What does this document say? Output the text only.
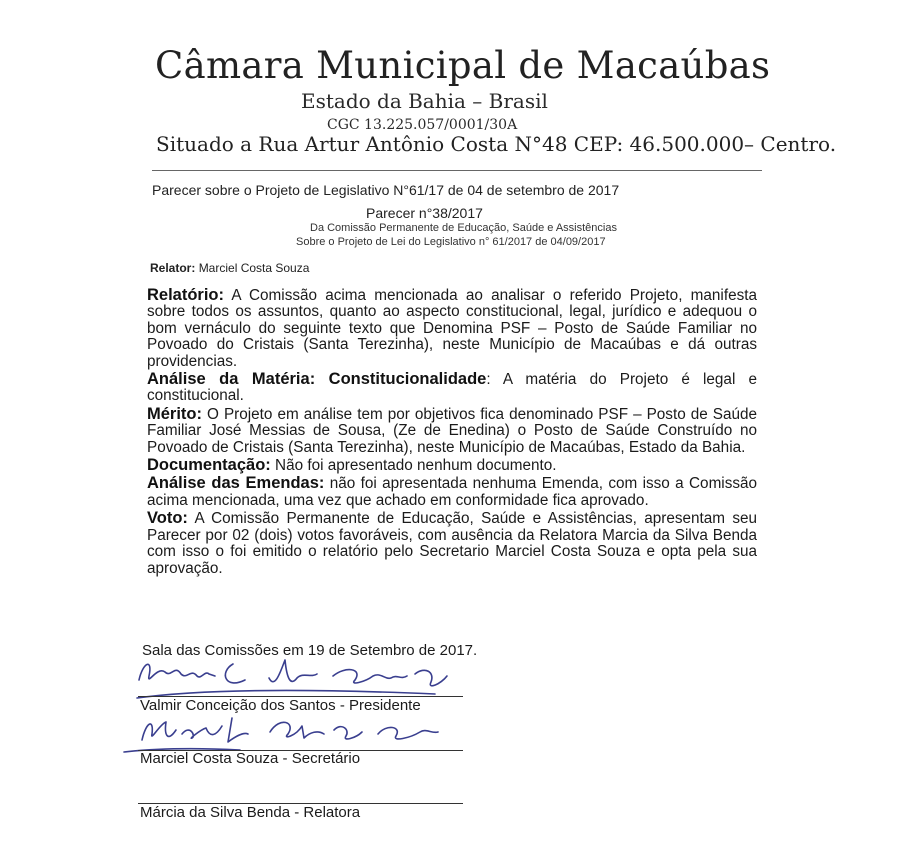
Câmara Municipal de Macaúbas
Estado da Bahia – Brasil
CGC 13.225.057/0001/30A
Situado a Rua Artur Antônio Costa N°48 CEP: 46.500.000– Centro.
Parecer sobre o Projeto de Legislativo N°61/17 de 04 de setembro de 2017
Parecer n°38/2017
Da Comissão Permanente de Educação, Saúde e Assistências
Sobre o Projeto de Lei do Legislativo n° 61/2017 de 04/09/2017
Relator: Marciel Costa Souza

Relatório: A Comissão acima mencionada ao analisar o referido Projeto, manifesta sobre todos os assuntos, quanto ao aspecto constitucional, legal, jurídico e adequou o bom vernáculo do seguinte texto que Denomina PSF – Posto de Saúde Familiar no Povoado do Cristais (Santa Terezinha), neste Município de Macaúbas e dá outras providencias.

Análise da Matéria: Constitucionalidade: A matéria do Projeto é legal e constitucional.

Mérito: O Projeto em análise tem por objetivos fica denominado PSF – Posto de Saúde Familiar José Messias de Sousa, (Ze de Enedina) o Posto de Saúde Construído no Povoado de Cristais (Santa Terezinha), neste Município de Macaúbas, Estado da Bahia.

Documentação: Não foi apresentado nenhum documento.

Análise das Emendas: não foi apresentada nenhuma Emenda, com isso a Comissão acima mencionada, uma vez que achado em conformidade fica aprovado.

Voto: A Comissão Permanente de Educação, Saúde e Assistências, apresentam seu Parecer por 02 (dois) votos favoráveis, com ausência da Relatora Marcia da Silva Benda com isso o foi emitido o relatório pelo Secretario Marciel Costa Souza e opta pela sua aprovação.

Sala das Comissões em 19 de Setembro de 2017.
Valmir Conceição dos Santos - Presidente
Marciel Costa Souza - Secretário
Márcia da Silva Benda - Relatora
